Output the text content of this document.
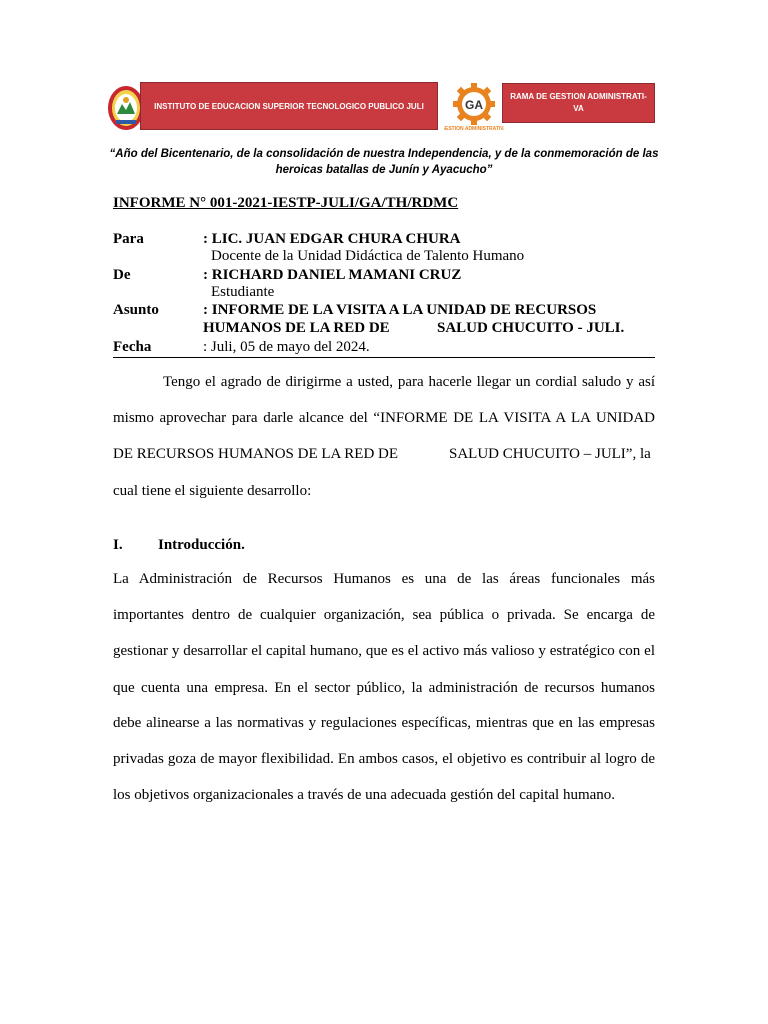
INSTITUTO DE EDUCACION SUPERIOR TECNOLOGICO PUBLICO JULI	GA
GESTION ADMINISTRATIVA
RAMA DE GESTION ADMINISTRATI-
VA
“Año del Bicentenario, de la consolidación de nuestra Independencia, y de la conmemoración de las
heroicas batallas de Junín y Ayacucho”
INFORME N° 001-2021-IESTP-JULI/GA/TH/RDMC
Para	: LIC. JUAN EDGAR CHURA CHURA
Docente de la Unidad Didáctica de Talento Humano
De	: RICHARD DANIEL MAMANI CRUZ
Estudiante
Asunto	: INFORME DE LA VISITA A LA UNIDAD DE RECURSOS
HUMANOS DE LA RED DE	SALUD CHUCUITO - JULI.
Fecha	: Juli, 05 de mayo del 2024.
Tengo el agrado de dirigirme a usted, para hacerle llegar un cordial saludo y así
mismo aprovechar para darle alcance del “INFORME DE LA VISITA A LA UNIDAD
DE RECURSOS HUMANOS DE LA RED DE	SALUD CHUCUITO – JULI”, la
cual tiene el siguiente desarrollo:
I. Introducción.
La Administración de Recursos Humanos es una de las áreas funcionales más
importantes dentro de cualquier organización, sea pública o privada. Se encarga de
gestionar y desarrollar el capital humano, que es el activo más valioso y estratégico con el
que cuenta una empresa. En el sector público, la administración de recursos humanos
debe alinearse a las normativas y regulaciones específicas, mientras que en las empresas
privadas goza de mayor flexibilidad. En ambos casos, el objetivo es contribuir al logro de
los objetivos organizacionales a través de una adecuada gestión del capital humano.
